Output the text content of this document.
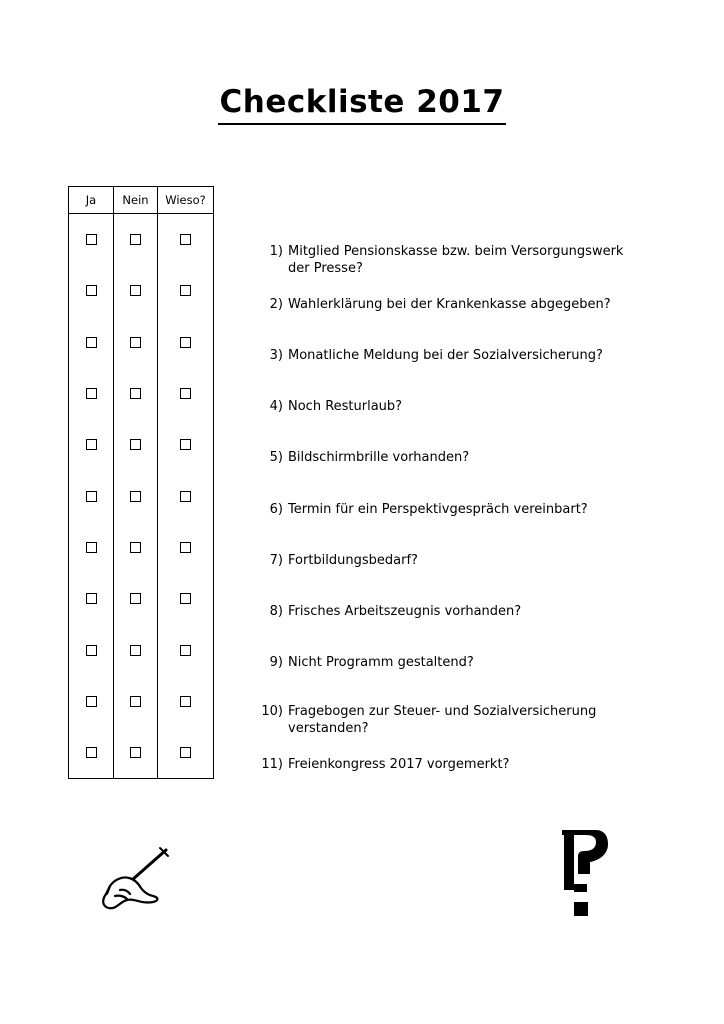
Checkliste 2017
Ja	Nein	Wieso?

1) Mitglied Pensionskasse bzw. beim Versorgungswerk der Presse?

2) Wahlerklärung bei der Krankenkasse abgegeben?

3) Monatliche Meldung bei der Sozialversicherung?

4) Noch Resturlaub?

5) Bildschirmbrille vorhanden?

6) Termin für ein Perspektivgespräch vereinbart?

7) Fortbildungsbedarf?

8) Frisches Arbeitszeugnis vorhanden?

9) Nicht Programm gestaltend?

10) Fragebogen zur Steuer- und Sozialversicherung verstanden?

11) Freienkongress 2017 vorgemerkt?
